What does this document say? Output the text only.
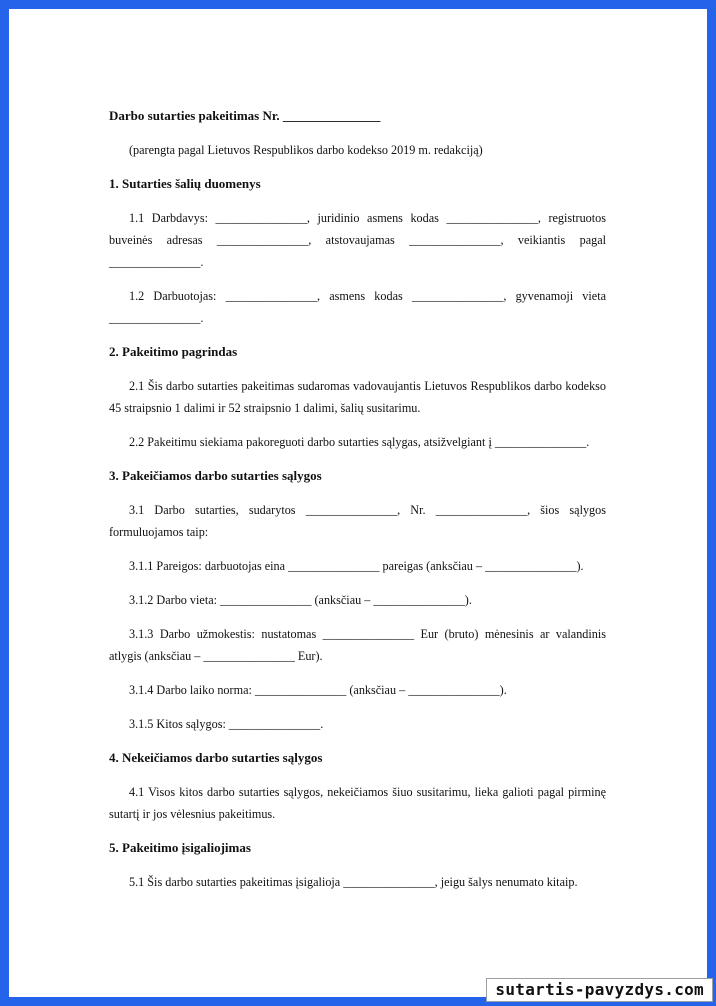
Darbo sutarties pakeitimas Nr. _______________

(parengta pagal Lietuvos Respublikos darbo kodekso 2019 m. redakciją)

1. Sutarties šalių duomenys

1.1 Darbdavys: _______________, juridinio asmens kodas _______________, registruotos buveinės adresas _______________, atstovaujamas _______________, veikiantis pagal _______________.

1.2 Darbuotojas: _______________, asmens kodas _______________, gyvenamoji vieta _______________.

2. Pakeitimo pagrindas

2.1 Šis darbo sutarties pakeitimas sudaromas vadovaujantis Lietuvos Respublikos darbo kodekso 45 straipsnio 1 dalimi ir 52 straipsnio 1 dalimi, šalių susitarimu.

2.2 Pakeitimu siekiama pakoreguoti darbo sutarties sąlygas, atsižvelgiant į _______________.

3. Pakeičiamos darbo sutarties sąlygos

3.1 Darbo sutarties, sudarytos _______________, Nr. _______________, šios sąlygos formuluojamos taip:

3.1.1 Pareigos: darbuotojas eina _______________ pareigas (anksčiau – _______________).

3.1.2 Darbo vieta: _______________ (anksčiau – _______________).

3.1.3 Darbo užmokestis: nustatomas _______________ Eur (bruto) mėnesinis ar valandinis atlygis (anksčiau – _______________ Eur).

3.1.4 Darbo laiko norma: _______________ (anksčiau – _______________).

3.1.5 Kitos sąlygos: _______________.

4. Nekeičiamos darbo sutarties sąlygos

4.1 Visos kitos darbo sutarties sąlygos, nekeičiamos šiuo susitarimu, lieka galioti pagal pirminę sutartį ir jos vėlesnius pakeitimus.

5. Pakeitimo įsigaliojimas

5.1 Šis darbo sutarties pakeitimas įsigalioja _______________, jeigu šalys nenumato kitaip.

sutartis-pavyzdys.com
